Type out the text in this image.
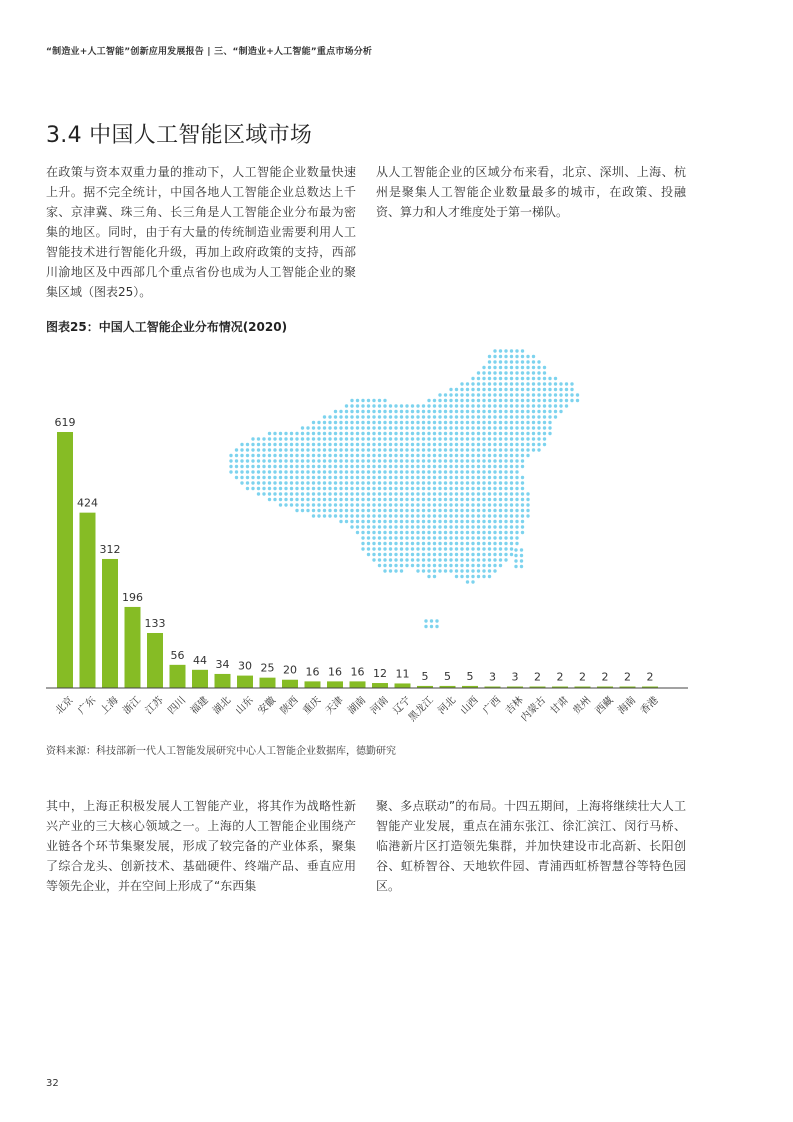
“制造业+人工智能”创新应用发展报告 | 三、“制造业+人工智能”重点市场分析
3.4 中国人工智能区域市场

在政策与资本双重力量的推动下，人工智能企业数量快速上升。据不完全统计，中国各地人工智能企业总数达上千家、京津冀、珠三角、长三角是人工智能企业分布最为密集的地区。同时，由于有大量的传统制造业需要利用人工智能技术进行智能化升级，再加上政府政策的支持，西部川渝地区及中西部几个重点省份也成为人工智能企业的聚集区域（图表25）。

从人工智能企业的区域分布来看，北京、深圳、上海、杭州是聚集人工智能企业数量最多的城市，在政策、投融资、算力和人才维度处于第一梯队。

图表25：中国人工智能企业分布情况(2020)
619
424
312
196
133
56 44 34 30 25 20 16 16 16 12 11 5 5 5 3 3 2 2 2 2 2 2
北京 广东 上海 浙江 江苏 四川 福建 湖北 山东 安徽 陕西 重庆 天津 湖南 河南 辽宁
黑龙江 河北 山西 广西 吉林
内蒙古 甘肃 贵州 西藏 海南 香港
资料来源：科技部新一代人工智能发展研究中心人工智能企业数据库，德勤研究

其中，上海正积极发展人工智能产业，将其作为战略性新兴产业的三大核心领域之一。上海的人工智能企业围绕产业链各个环节集聚发展，形成了较完备的产业体系，聚集了综合龙头、创新技术、基础硬件、终端产品、垂直应用等领先企业，并在空间上形成了“东西集

聚、多点联动”的布局。十四五期间，上海将继续壮大人工智能产业发展，重点在浦东张江、徐汇滨江、闵行马桥、临港新片区打造领先集群，并加快建设市北高新、长阳创谷、虹桥智谷、天地软件园、青浦西虹桥智慧谷等特色园区。

32
